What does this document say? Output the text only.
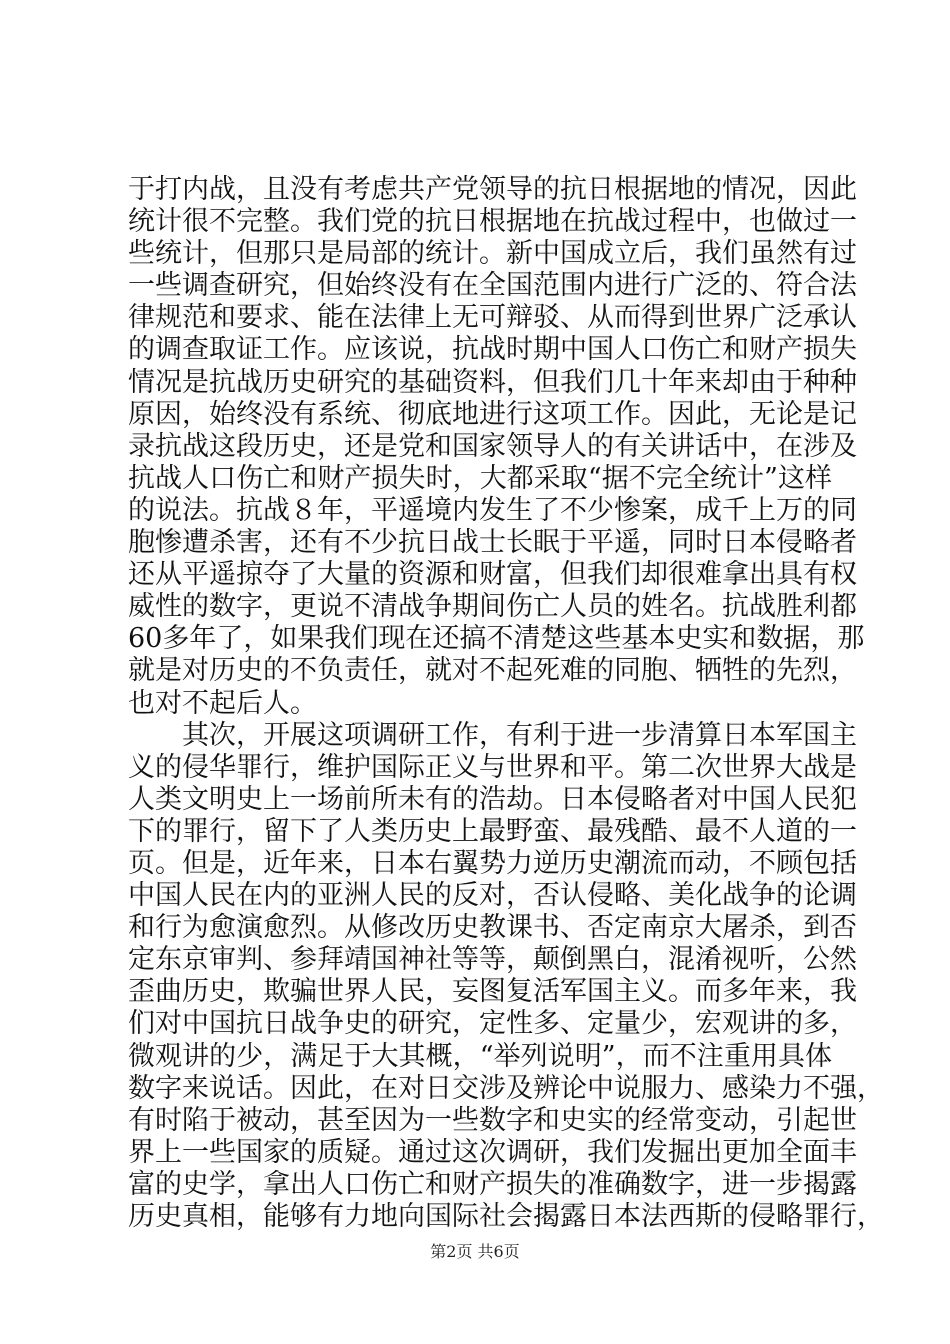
于打内战，且没有考虑共产党领导的抗日根据地的情况，因此
统计很不完整。我们党的抗日根据地在抗战过程中，也做过一
些统计，但那只是局部的统计。新中国成立后，我们虽然有过
一些调查研究，但始终没有在全国范围内进行广泛的、符合法
律规范和要求、能在法律上无可辩驳、从而得到世界广泛承认
的调查取证工作。应该说，抗战时期中国人口伤亡和财产损失
情况是抗战历史研究的基础资料，但我们几十年来却由于种种
原因，始终没有系统、彻底地进行这项工作。因此，无论是记
录抗战这段历史，还是党和国家领导人的有关讲话中，在涉及
抗战人口伤亡和财产损失时，大都采取“据不完全统计”这样
的说法。抗战８年，平遥境内发生了不少惨案，成千上万的同
胞惨遭杀害，还有不少抗日战士长眠于平遥，同时日本侵略者
还从平遥掠夺了大量的资源和财富，但我们却很难拿出具有权
威性的数字，更说不清战争期间伤亡人员的姓名。抗战胜利都
60多年了，如果我们现在还搞不清楚这些基本史实和数据，那
就是对历史的不负责任，就对不起死难的同胞、牺牲的先烈，
也对不起后人。
　　其次，开展这项调研工作，有利于进一步清算日本军国主
义的侵华罪行，维护国际正义与世界和平。第二次世界大战是
人类文明史上一场前所未有的浩劫。日本侵略者对中国人民犯
下的罪行，留下了人类历史上最野蛮、最残酷、最不人道的一
页。但是，近年来，日本右翼势力逆历史潮流而动，不顾包括
中国人民在内的亚洲人民的反对，否认侵略、美化战争的论调
和行为愈演愈烈。从修改历史教课书、否定南京大屠杀，到否
定东京审判、参拜靖国神社等等，颠倒黑白，混淆视听，公然
歪曲历史，欺骗世界人民，妄图复活军国主义。而多年来，我
们对中国抗日战争史的研究，定性多、定量少，宏观讲的多，
微观讲的少，满足于大其概，“举列说明”，而不注重用具体
数字来说话。因此，在对日交涉及辨论中说服力、感染力不强，
有时陷于被动，甚至因为一些数字和史实的经常变动，引起世
界上一些国家的质疑。通过这次调研，我们发掘出更加全面丰
富的史学，拿出人口伤亡和财产损失的准确数字，进一步揭露
历史真相，能够有力地向国际社会揭露日本法西斯的侵略罪行，
第2页 共6页
